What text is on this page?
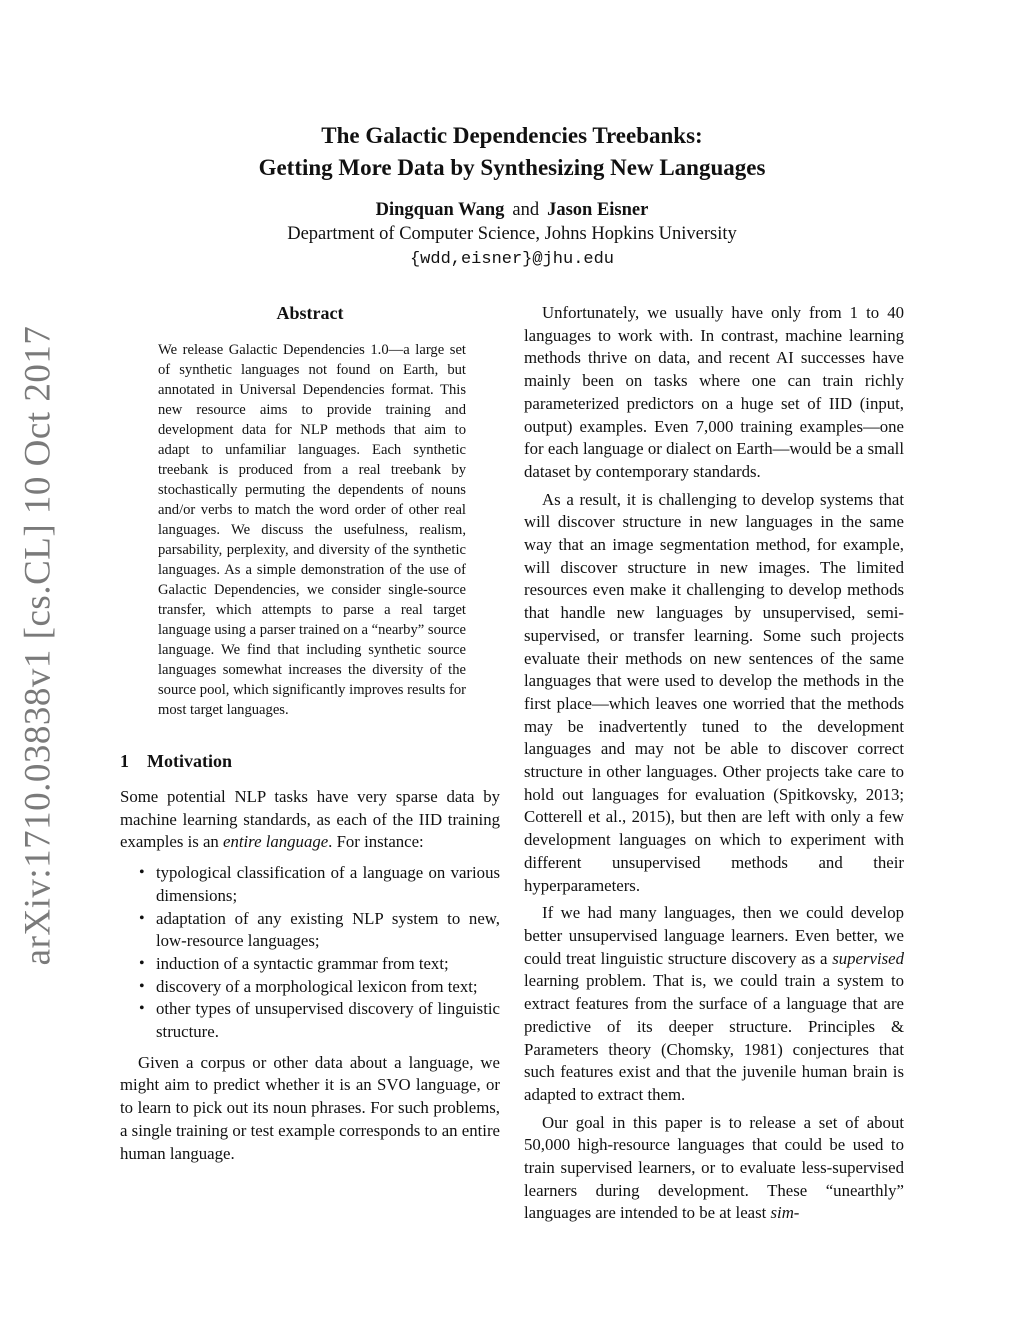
arXiv:1710.03838v1 [cs.CL] 10 Oct 2017
The Galactic Dependencies Treebanks:
Getting More Data by Synthesizing New Languages
Dingquan Wang and Jason Eisner
Department of Computer Science, Johns Hopkins University
{wdd,eisner}@jhu.edu
Abstract
We release Galactic Dependencies 1.0—a large set of synthetic languages not found on Earth, but annotated in Universal Dependencies format. This new resource aims to provide training and development data for NLP methods that aim to adapt to unfamiliar languages. Each synthetic treebank is produced from a real treebank by stochastically permuting the dependents of nouns and/or verbs to match the word order of other real languages. We discuss the usefulness, realism, parsability, perplexity, and diversity of the synthetic languages. As a simple demonstration of the use of Galactic Dependencies, we consider single-source transfer, which attempts to parse a real target language using a parser trained on a “nearby” source language. We find that including synthetic source languages somewhat increases the diversity of the source pool, which significantly improves results for most target languages.
1 Motivation

Some potential NLP tasks have very sparse data by machine learning standards, as each of the IID training examples is an entire language. For instance:

• typological classification of a language on various dimensions;
• adaptation of any existing NLP system to new, low-resource languages;
• induction of a syntactic grammar from text;
• discovery of a morphological lexicon from text;
• other types of unsupervised discovery of linguistic structure.

Given a corpus or other data about a language, we might aim to predict whether it is an SVO language, or to learn to pick out its noun phrases. For such problems, a single training or test example corresponds to an entire human language.

Unfortunately, we usually have only from 1 to 40 languages to work with. In contrast, machine learning methods thrive on data, and recent AI successes have mainly been on tasks where one can train richly parameterized predictors on a huge set of IID (input, output) examples. Even 7,000 training examples—one for each language or dialect on Earth—would be a small dataset by contemporary standards.

As a result, it is challenging to develop systems that will discover structure in new languages in the same way that an image segmentation method, for example, will discover structure in new images. The limited resources even make it challenging to develop methods that handle new languages by unsupervised, semi-supervised, or transfer learning. Some such projects evaluate their methods on new sentences of the same languages that were used to develop the methods in the first place—which leaves one worried that the methods may be inadvertently tuned to the development languages and may not be able to discover correct structure in other languages. Other projects take care to hold out languages for evaluation (Spitkovsky, 2013; Cotterell et al., 2015), but then are left with only a few development languages on which to experiment with different unsupervised methods and their hyperparameters.

If we had many languages, then we could develop better unsupervised language learners. Even better, we could treat linguistic structure discovery as a supervised learning problem. That is, we could train a system to extract features from the surface of a language that are predictive of its deeper structure. Principles & Parameters theory (Chomsky, 1981) conjectures that such features exist and that the juvenile human brain is adapted to extract them.

Our goal in this paper is to release a set of about 50,000 high-resource languages that could be used to train supervised learners, or to evaluate less-supervised learners during development. These “unearthly” languages are intended to be at least sim-
